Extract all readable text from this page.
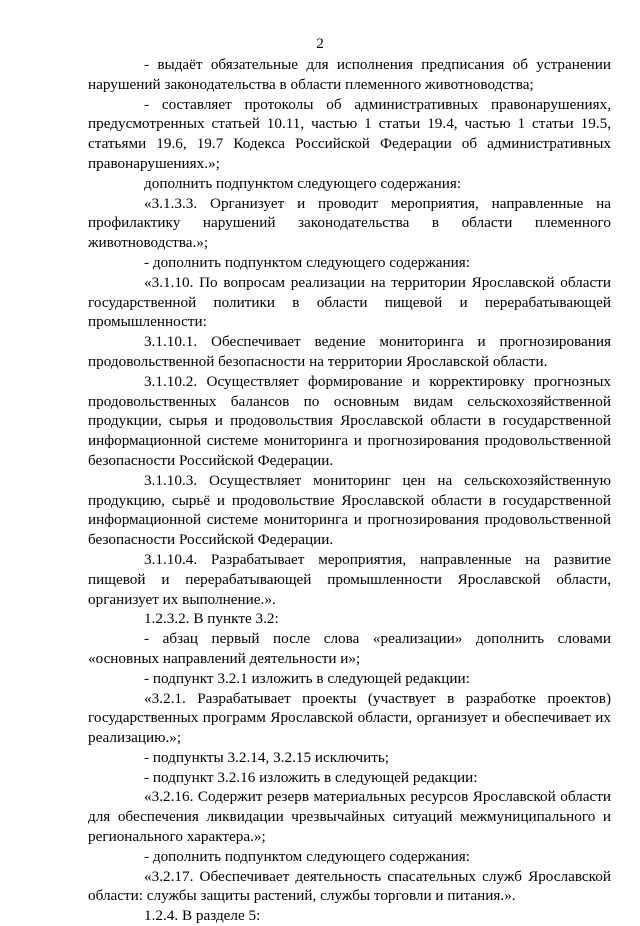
2

- выдаёт обязательные для исполнения предписания об устранении нарушений законодательства в области племенного животноводства;

- составляет протоколы об административных правонарушениях, предусмотренных статьей 10.11, частью 1 статьи 19.4, частью 1 статьи 19.5, статьями 19.6, 19.7 Кодекса Российской Федерации об административных правонарушениях.»;

дополнить подпунктом следующего содержания:

«3.1.3.3. Организует и проводит мероприятия, направленные на профилактику нарушений законодательства в области племенного животноводства.»;

- дополнить подпунктом следующего содержания:

«3.1.10. По вопросам реализации на территории Ярославской области государственной политики в области пищевой и перерабатывающей промышленности:

3.1.10.1. Обеспечивает ведение мониторинга и прогнозирования продовольственной безопасности на территории Ярославской области.

3.1.10.2. Осуществляет формирование и корректировку прогнозных продовольственных балансов по основным видам сельскохозяйственной продукции, сырья и продовольствия Ярославской области в государственной информационной системе мониторинга и прогнозирования продовольственной безопасности Российской Федерации.

3.1.10.3. Осуществляет мониторинг цен на сельскохозяйственную продукцию, сырьё и продовольствие Ярославской области в государственной информационной системе мониторинга и прогнозирования продовольственной безопасности Российской Федерации.

3.1.10.4. Разрабатывает мероприятия, направленные на развитие пищевой и перерабатывающей промышленности Ярославской области, организует их выполнение.».

1.2.3.2. В пункте 3.2:

- абзац первый после слова «реализации» дополнить словами «основных направлений деятельности и»;

- подпункт 3.2.1 изложить в следующей редакции:

«3.2.1. Разрабатывает проекты (участвует в разработке проектов) государственных программ Ярославской области, организует и обеспечивает их реализацию.»;

- подпункты 3.2.14, 3.2.15 исключить;

- подпункт 3.2.16 изложить в следующей редакции:

«3.2.16. Содержит резерв материальных ресурсов Ярославской области для обеспечения ликвидации чрезвычайных ситуаций межмуниципального и регионального характера.»;

- дополнить подпунктом следующего содержания:

«3.2.17. Обеспечивает деятельность спасательных служб Ярославской области: службы защиты растений, службы торговли и питания.».

1.2.4. В разделе 5:
